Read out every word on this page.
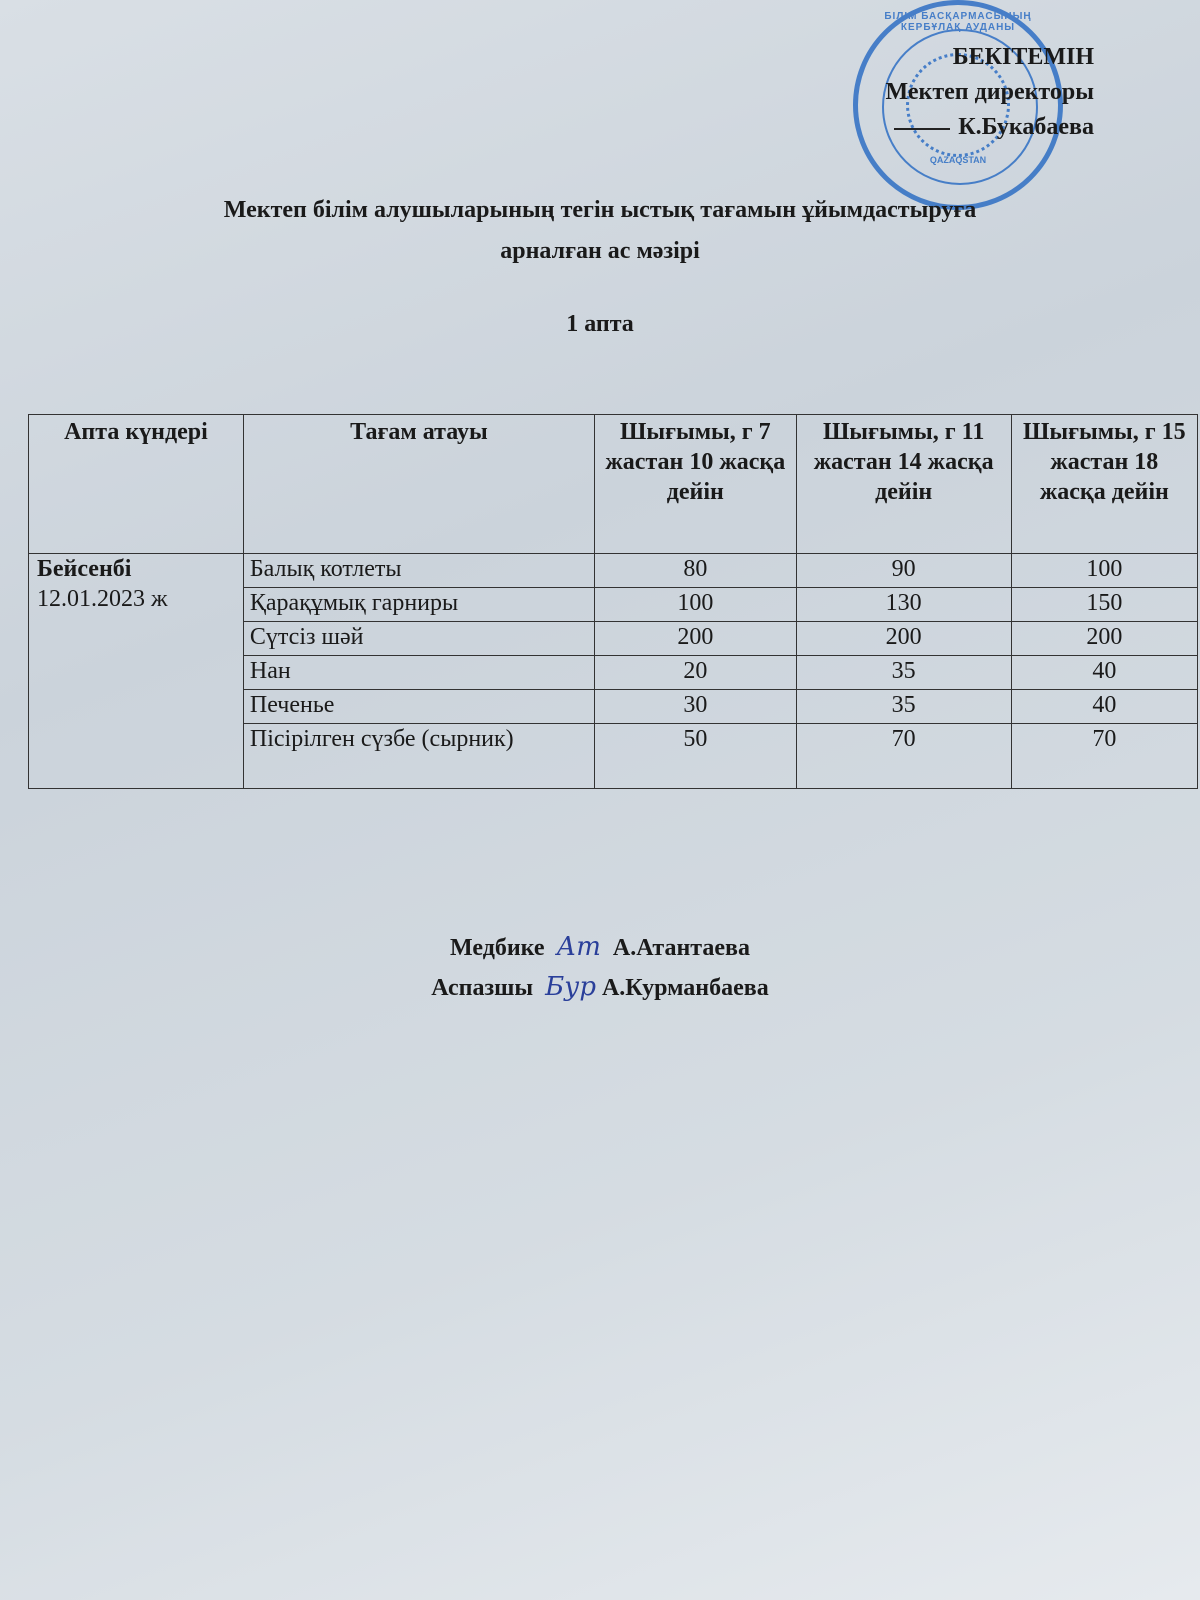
БІЛІМ БАСҚАРМАСЫНЫҢ КЕРБҰЛАҚ АУДАНЫ
QAZAQSTAN
БЕКІТЕМІН
Мектеп директоры
К.Букабаева
Мектеп білім алушыларының тегін ыстық тағамын ұйымдастыруға
арналған ас мәзірі
1 апта
Апта күндері	Тағам атауы	Шығымы, г 7 жастан 10 жасқа дейін	Шығымы, г 11 жастан 14 жасқа дейін	Шығымы, г 15 жастан 18 жасқа дейін

Бейсенбі
12.01.2023 ж	Балық котлеты	80	90	100
	Қарақұмық гарниры	100	130	150
	Сүтсіз шәй	200	200	200
	Нан	20	35	40
	Печенье	30	35	40
	Пісірілген сүзбе (сырник)	50	70	70
Медбике Ат А.Атантаева
Аспазшы Бур А.Курманбаева
